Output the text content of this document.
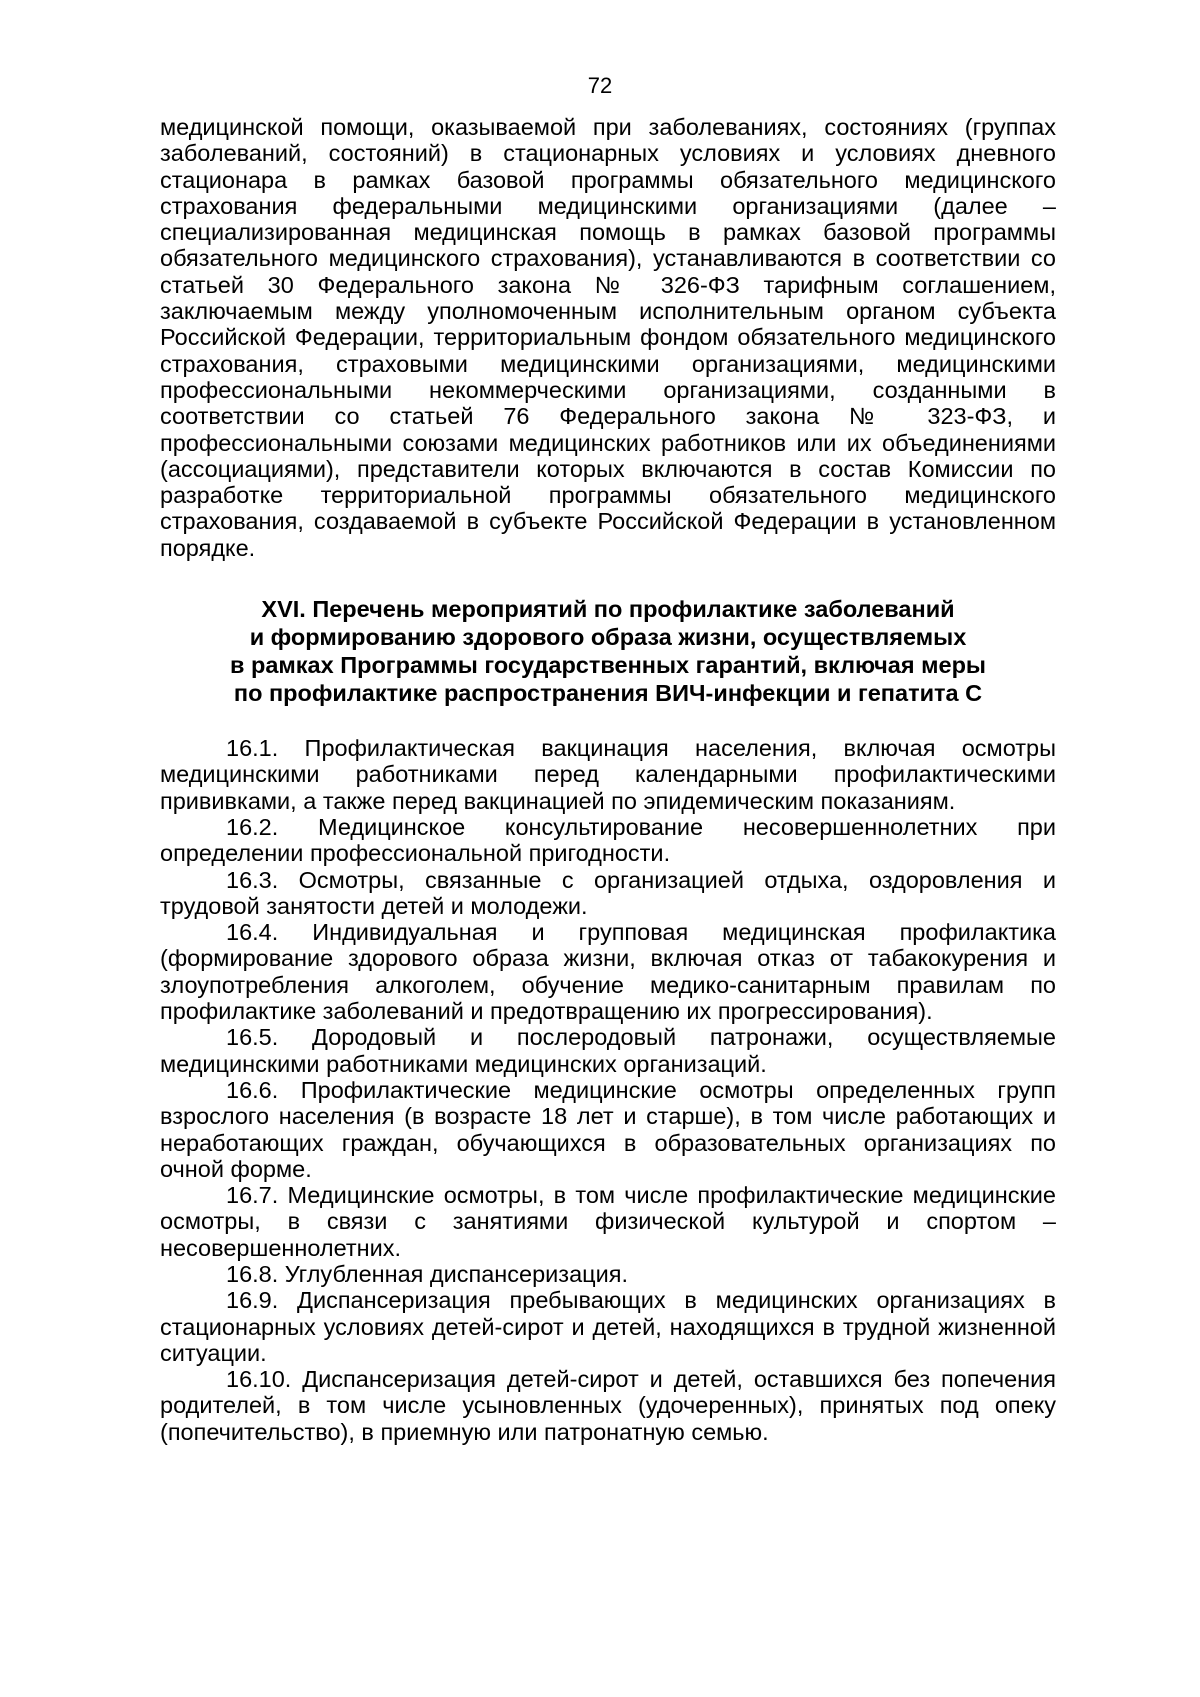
72

медицинской помощи, оказываемой при заболеваниях, состояниях (группах заболеваний, состояний) в стационарных условиях и условиях дневного стационара в рамках базовой программы обязательного медицинского страхования федеральными медицинскими организациями (далее – специализированная медицинская помощь в рамках базовой программы обязательного медицинского страхования), устанавливаются в соответствии со статьей 30 Федерального закона № 326-ФЗ тарифным соглашением, заключаемым между уполномоченным исполнительным органом субъекта Российской Федерации, территориальным фондом обязательного медицинского страхования, страховыми медицинскими организациями, медицинскими профессиональными некоммерческими организациями, созданными в соответствии со статьей 76 Федерального закона № 323-ФЗ, и профессиональными союзами медицинских работников или их объединениями (ассоциациями), представители которых включаются в состав Комиссии по разработке территориальной программы обязательного медицинского страхования, создаваемой в субъекте Российской Федерации в установленном порядке.

XVI. Перечень мероприятий по профилактике заболеваний
и формированию здорового образа жизни, осуществляемых
в рамках Программы государственных гарантий, включая меры
по профилактике распространения ВИЧ-инфекции и гепатита С

16.1. Профилактическая вакцинация населения, включая осмотры медицинскими работниками перед календарными профилактическими прививками, а также перед вакцинацией по эпидемическим показаниям.

16.2. Медицинское консультирование несовершеннолетних при определении профессиональной пригодности.

16.3. Осмотры, связанные с организацией отдыха, оздоровления и трудовой занятости детей и молодежи.

16.4. Индивидуальная и групповая медицинская профилактика (формирование здорового образа жизни, включая отказ от табакокурения и злоупотребления алкоголем, обучение медико-санитарным правилам по профилактике заболеваний и предотвращению их прогрессирования).

16.5. Дородовый и послеродовый патронажи, осуществляемые медицинскими работниками медицинских организаций.

16.6. Профилактические медицинские осмотры определенных групп взрослого населения (в возрасте 18 лет и старше), в том числе работающих и неработающих граждан, обучающихся в образовательных организациях по очной форме.

16.7. Медицинские осмотры, в том числе профилактические медицинские осмотры, в связи с занятиями физической культурой и спортом – несовершеннолетних.

16.8. Углубленная диспансеризация.

16.9. Диспансеризация пребывающих в медицинских организациях в стационарных условиях детей-сирот и детей, находящихся в трудной жизненной ситуации.

16.10. Диспансеризация детей-сирот и детей, оставшихся без попечения родителей, в том числе усыновленных (удочеренных), принятых под опеку (попечительство), в приемную или патронатную семью.
